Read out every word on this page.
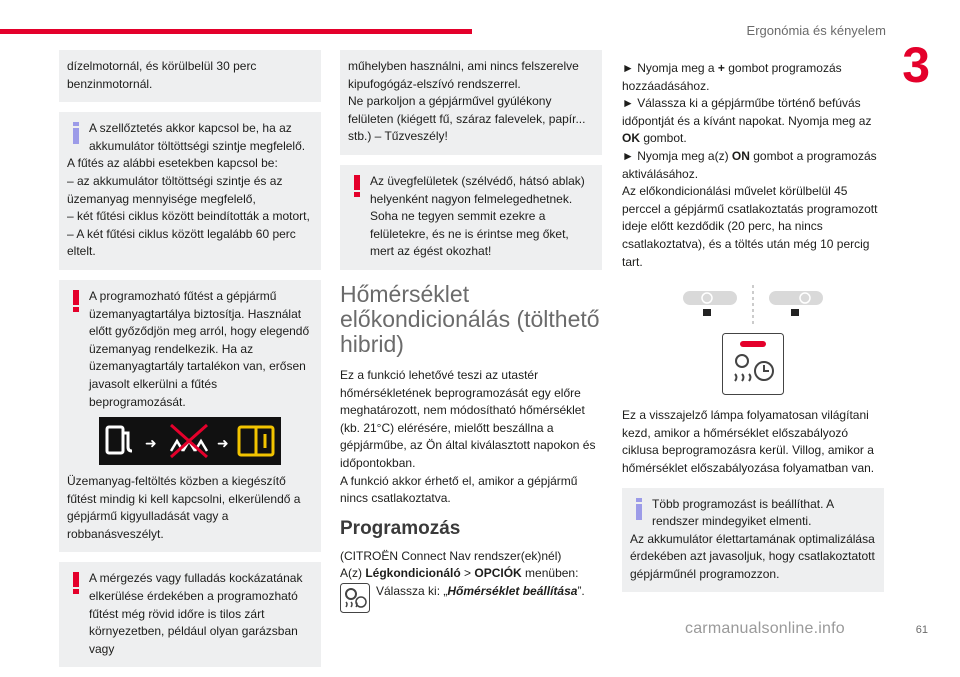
Ergonómia és kényelem
3

dízelmotornál, és körülbelül 30 perc benzinmotornál.

A szellőztetés akkor kapcsol be, ha az akkumulátor töltöttségi szintje megfelelő.

A fűtés az alábbi esetekben kapcsol be:

– az akkumulátor töltöttségi szintje és az üzemanyag mennyisége megfelelő,

– két fűtési ciklus között beindították a motort,

– A két fűtési ciklus között legalább 60 perc eltelt.

A programozható fűtést a gépjármű üzemanyagtartálya biztosítja. Használat előtt győződjön meg arról, hogy elegendő üzemanyag rendelkezik. Ha az üzemanyagtartály tartalékon van, erősen javasolt elkerülni a fűtés beprogramozását.

➜	➜

Üzemanyag-feltöltés közben a kiegészítő fűtést mindig ki kell kapcsolni, elkerülendő a gépjármű kigyulladását vagy a robbanásveszélyt.

A mérgezés vagy fulladás kockázatának elkerülése érdekében a programozható fűtést még rövid időre is tilos zárt környezetben, például olyan garázsban vagy

műhelyben használni, ami nincs felszerelve kipufogógáz-elszívó rendszerrel.

Ne parkoljon a gépjárművel gyúlékony felületen (kiégett fű, száraz falevelek, papír... stb.) – Tűzveszély!

Az üvegfelületek (szélvédő, hátsó ablak) helyenként nagyon felmelegedhetnek. Soha ne tegyen semmit ezekre a felületekre, és ne is érintse meg őket, mert az égést okozhat!

Hőmérséklet előkondicionálás (tölthető hibrid)

Ez a funkció lehetővé teszi az utastér hőmérsékletének beprogramozását egy előre meghatározott, nem módosítható hőmérséklet (kb. 21°C) elérésére, mielőtt beszállna a gépjárműbe, az Ön által kiválasztott napokon és időpontokban.

A funkció akkor érhető el, amikor a gépjármű nincs csatlakoztatva.

Programozás

(CITROËN Connect Nav rendszer(ek)nél)

A(z) Légkondicionáló > OPCIÓK menüben:

Válassza ki: „Hőmérséklet beállítása”.

► Nyomja meg a + gombot programozás hozzáadásához.

► Válassza ki a gépjárműbe történő befúvás időpontját és a kívánt napokat. Nyomja meg az OK gombot.

► Nyomja meg a(z) ON gombot a programozás aktiválásához.

Az előkondicionálási művelet körülbelül 45 perccel a gépjármű csatlakoztatás programozott ideje előtt kezdődik (20 perc, ha nincs csatlakoztatva), és a töltés után még 10 percig tart.

Ez a visszajelző lámpa folyamatosan világítani kezd, amikor a hőmérséklet előszabályozó ciklusa beprogramozásra kerül. Villog, amikor a hőmérséklet előszabályozása folyamatban van.

Több programozást is beállíthat. A rendszer mindegyiket elmenti.

Az akkumulátor élettartamának optimalizálása érdekében azt javasoljuk, hogy csatlakoztatott gépjárműnél programozzon.

carmanualsonline.info	61
